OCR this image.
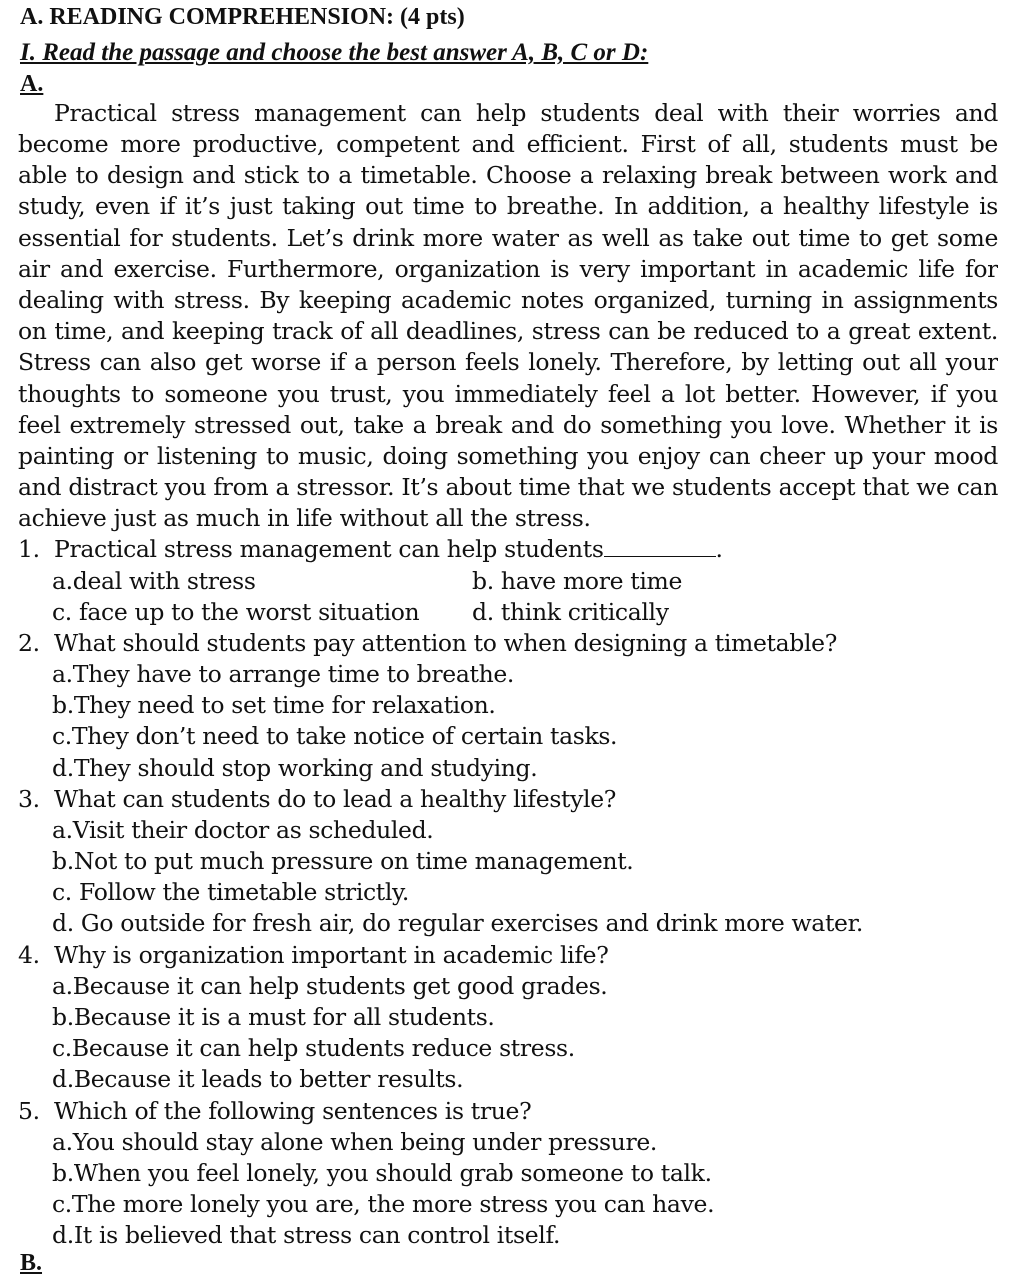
A. READING COMPREHENSION: (4 pts)
I. Read the passage and choose the best answer A, B, C or D:
A.
Practical stress management can help students deal with their worries and
become more productive, competent and efficient. First of all, students must be
able to design and stick to a timetable. Choose a relaxing break between work and
study, even if it’s just taking out time to breathe. In addition, a healthy lifestyle is
essential for students. Let’s drink more water as well as take out time to get some
air and exercise. Furthermore, organization is very important in academic life for
dealing with stress. By keeping academic notes organized, turning in assignments
on time, and keeping track of all deadlines, stress can be reduced to a great extent.
Stress can also get worse if a person feels lonely. Therefore, by letting out all your
thoughts to someone you trust, you immediately feel a lot better. However, if you
feel extremely stressed out, take a break and do something you love. Whether it is
painting or listening to music, doing something you enjoy can cheer up your mood
and distract you from a stressor. It’s about time that we students accept that we can
achieve just as much in life without all the stress.
1. Practical stress management can help students	.
a.deal with stress	b. have more time
c. face up to the worst situation d. think critically
2. What should students pay attention to when designing a timetable?
a.They have to arrange time to breathe.
b.They need to set time for relaxation.
c.They don’t need to take notice of certain tasks.
d.They should stop working and studying.
3. What can students do to lead a healthy lifestyle?
a.Visit their doctor as scheduled.
b.Not to put much pressure on time management.
c. Follow the timetable strictly.
d. Go outside for fresh air, do regular exercises and drink more water.
4. Why is organization important in academic life?
a.Because it can help students get good grades.
b.Because it is a must for all students.
c.Because it can help students reduce stress.
d.Because it leads to better results.
5. Which of the following sentences is true?
a.You should stay alone when being under pressure.
b.When you feel lonely, you should grab someone to talk.
c.The more lonely you are, the more stress you can have.
d.It is believed that stress can control itself.
B.
